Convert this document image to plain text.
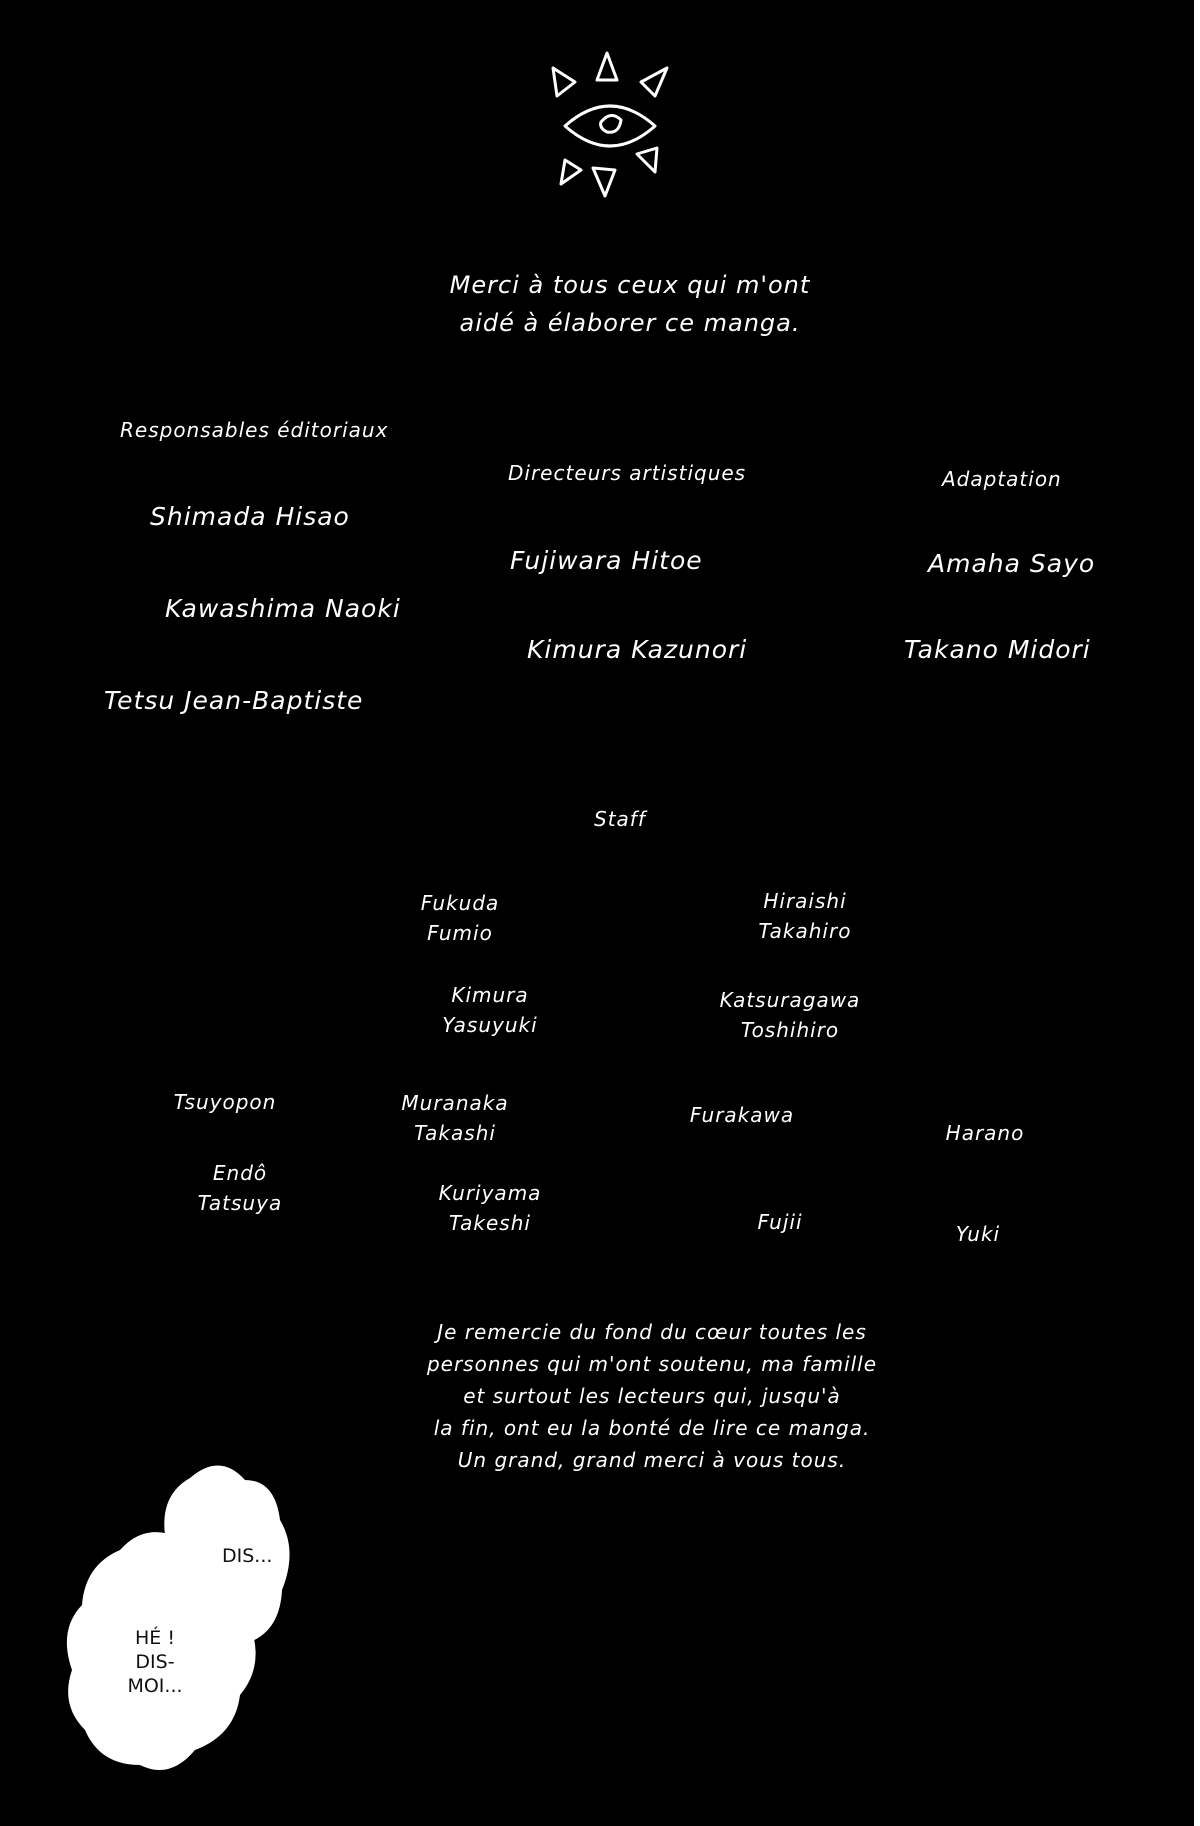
Merci à tous ceux qui m'ont
aidé à élaborer ce manga.
Responsables éditoriaux
Shimada Hisao
Kawashima Naoki
Tetsu Jean-Baptiste
Directeurs artistiques
Fujiwara Hitoe
Kimura Kazunori
Adaptation
Amaha Sayo
Takano Midori
Staff
Fukuda
Fumio
Hiraishi
Takahiro
Kimura
Yasuyuki
Katsuragawa
Toshihiro
Tsuyopon	Muranaka
Takashi
Furakawa
Harano
Endô
Tatsuya	Kuriyama
Takeshi	Fujii	Yuki
Je remercie du fond du cœur toutes les
personnes qui m'ont soutenu, ma famille
et surtout les lecteurs qui, jusqu'à
la fin, ont eu la bonté de lire ce manga.
Un grand, grand merci à vous tous.
DIS...
HÉ !
DIS-
MOI...
